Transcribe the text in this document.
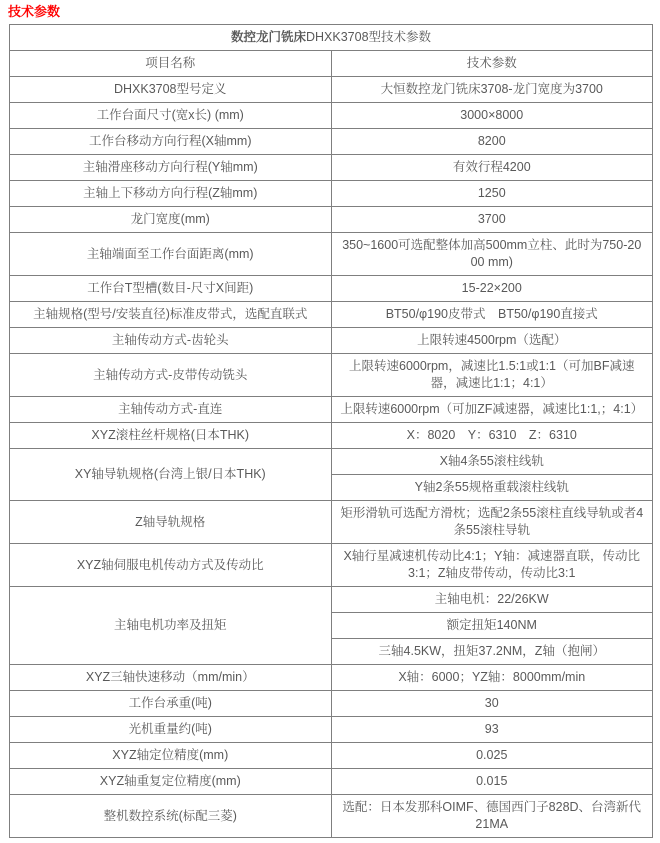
技术参数
数控龙门铣床DHXK3708型技术参数	
项目名称	技术参数
DHXK3708型号定义	大恒数控龙门铣床3708-龙门宽度为3700
工作台面尺寸(宽x长) (mm)	3000×8000
工作台移动方向行程(X轴mm)	8200
主轴滑座移动方向行程(Y轴mm)	有效行程4200
主轴上下移动方向行程(Z轴mm)	1250
龙门宽度(mm)	3700
主轴端面至工作台面距离(mm)	350~1600可选配整体加高500mm立柱、此时为750-2000 mm)
工作台T型槽(数目-尺寸X间距)	15-22×200
主轴规格(型号/安装直径)标准皮带式，选配直联式	BT50/φ190皮带式　BT50/φ190直接式
主轴传动方式-齿轮头	上限转速4500rpm（选配）
主轴传动方式-皮带传动铣头	上限转速6000rpm，减速比1.5:1或1:1（可加BF减速器，减速比1:1；4:1）
主轴传动方式-直连	上限转速6000rpm（可加ZF减速器，减速比1:1,；4:1）
XYZ滚柱丝杆规格(日本THK)	X：8020　Y：6310　Z：6310
XY轴导轨规格(台湾上银/日本THK)	X轴4条55滚柱线轨
	Y轴2条55规格重载滚柱线轨
Z轴导轨规格	矩形滑轨可选配方滑枕；选配2条55滚柱直线导轨或者4条55滚柱导轨
XYZ轴伺服电机传动方式及传动比	X轴行星减速机传动比4:1；Y轴：减速器直联，传动比3:1；Z轴皮带传动，传动比3:1
主轴电机功率及扭矩	主轴电机：22/26KW
	额定扭矩140NM
	三轴4.5KW，扭矩37.2NM，Z轴（抱闸）
XYZ三轴快速移动（mm/min）	X轴：6000；YZ轴：8000mm/min
工作台承重(吨)	30
光机重量约(吨)	93
XYZ轴定位精度(mm)	0.025
XYZ轴重复定位精度(mm)	0.015
整机数控系统(标配三菱)	选配：日本发那科OIMF、德国西门子828D、台湾新代21MA
